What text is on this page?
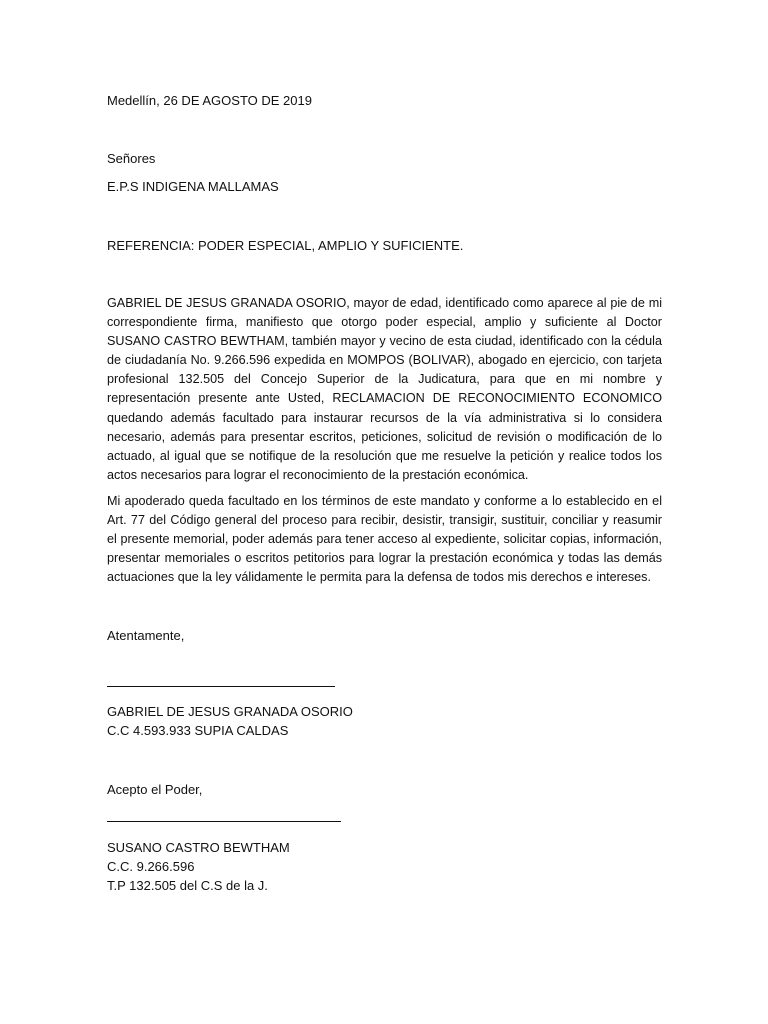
Medellín, 26 DE AGOSTO DE 2019
Señores
E.P.S INDIGENA MALLAMAS
REFERENCIA: PODER ESPECIAL, AMPLIO Y SUFICIENTE.
GABRIEL DE JESUS GRANADA OSORIO, mayor de edad, identificado como aparece al pie de mi correspondiente firma, manifiesto que otorgo poder especial, amplio y suficiente al Doctor SUSANO CASTRO BEWTHAM, también mayor y vecino de esta ciudad, identificado con la cédula de ciudadanía No. 9.266.596 expedida en MOMPOS (BOLIVAR), abogado en ejercicio, con tarjeta profesional 132.505 del Concejo Superior de la Judicatura, para que en mi nombre y representación presente ante Usted, RECLAMACION DE RECONOCIMIENTO ECONOMICO quedando además facultado para instaurar recursos de la vía administrativa si lo considera necesario, además para presentar escritos, peticiones, solicitud de revisión o modificación de lo actuado, al igual que se notifique de la resolución que me resuelve la petición y realice todos los actos necesarios para lograr el reconocimiento de la prestación económica.
Mi apoderado queda facultado en los términos de este mandato y conforme a lo establecido en el Art. 77 del Código general del proceso para recibir, desistir, transigir, sustituir, conciliar y reasumir el presente memorial, poder además para tener acceso al expediente, solicitar copias, información, presentar memoriales o escritos petitorios para lograr la prestación económica y todas las demás actuaciones que la ley válidamente le permita para la defensa de todos mis derechos e intereses.
Atentamente,
GABRIEL DE JESUS GRANADA OSORIO
C.C 4.593.933 SUPIA CALDAS
Acepto el Poder,
SUSANO CASTRO BEWTHAM
C.C. 9.266.596
T.P 132.505 del C.S de la J.
